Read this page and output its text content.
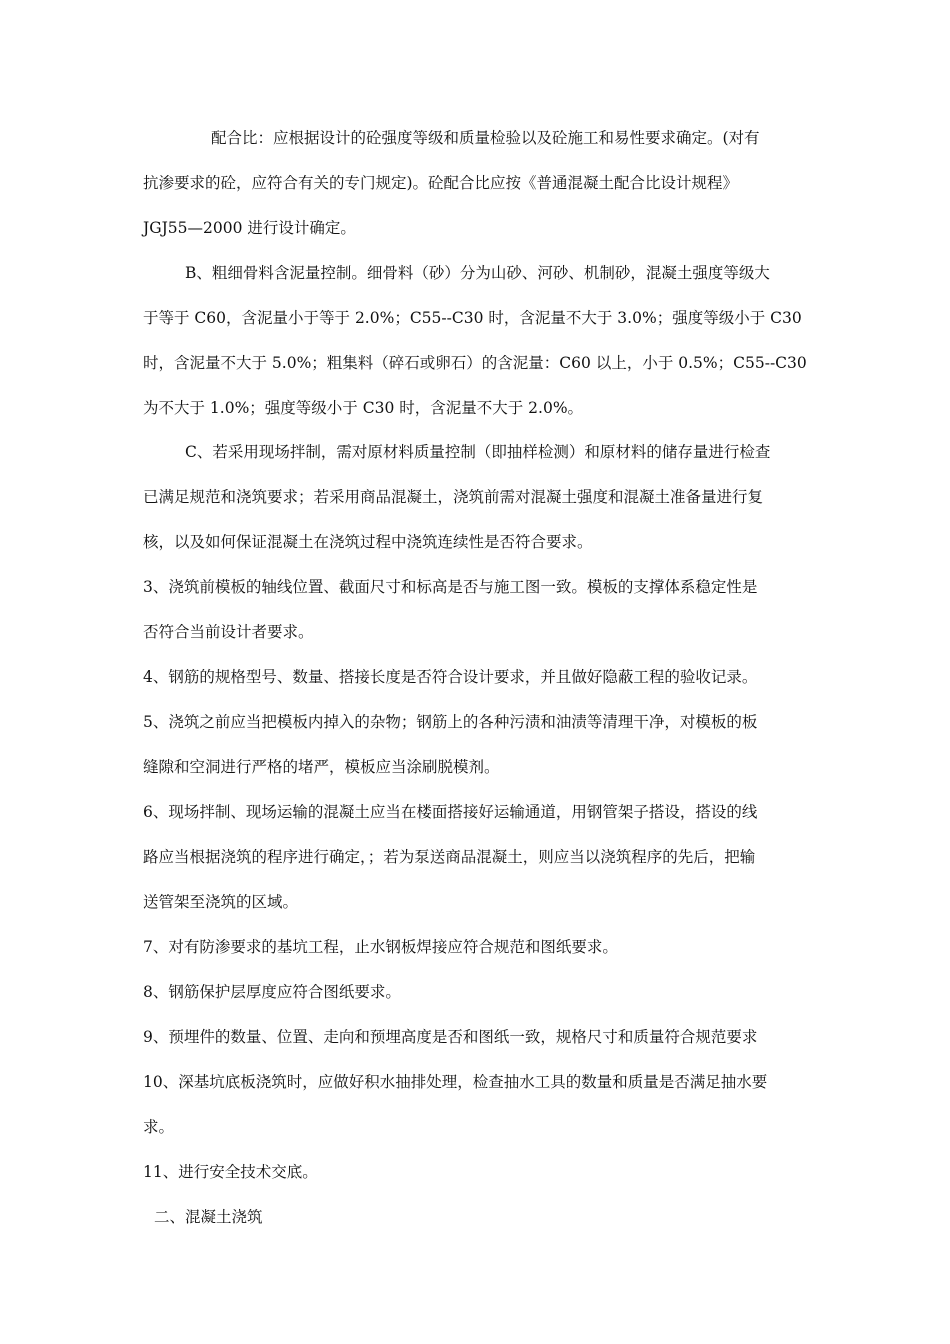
　　配合比：应根据设计的砼强度等级和质量检验以及砼施工和易性要求确定。(对有
抗渗要求的砼，应符合有关的专门规定)。砼配合比应按《普通混凝土配合比设计规程》
JGJ55—2000 进行设计确定。
　　B、粗细骨料含泥量控制。细骨料（砂）分为山砂、河砂、机制砂，混凝土强度等级大
于等于 C60，含泥量小于等于 2.0%；C55--C30 时，含泥量不大于 3.0%；强度等级小于 C30
时，含泥量不大于 5.0%；粗集料（碎石或卵石）的含泥量：C60 以上，小于 0.5%；C55--C30
为不大于 1.0%；强度等级小于 C30 时，含泥量不大于 2.0%。
　　C、若采用现场拌制，需对原材料质量控制（即抽样检测）和原材料的储存量进行检查
已满足规范和浇筑要求；若采用商品混凝土，浇筑前需对混凝土强度和混凝土准备量进行复
核，以及如何保证混凝土在浇筑过程中浇筑连续性是否符合要求。
3、浇筑前模板的轴线位置、截面尺寸和标高是否与施工图一致。模板的支撑体系稳定性是
否符合当前设计者要求。
4、钢筋的规格型号、数量、搭接长度是否符合设计要求，并且做好隐蔽工程的验收记录。
5、浇筑之前应当把模板内掉入的杂物；钢筋上的各种污渍和油渍等清理干净，对模板的板
缝隙和空洞进行严格的堵严，模板应当涂刷脱模剂。
6、现场拌制、现场运输的混凝土应当在楼面搭接好运输通道，用钢管架子搭设，搭设的线
路应当根据浇筑的程序进行确定，；若为泵送商品混凝土，则应当以浇筑程序的先后，把输
送管架至浇筑的区域。
7、对有防渗要求的基坑工程，止水钢板焊接应符合规范和图纸要求。
8、钢筋保护层厚度应符合图纸要求。
9、预埋件的数量、位置、走向和预埋高度是否和图纸一致，规格尺寸和质量符合规范要求
10、深基坑底板浇筑时，应做好积水抽排处理，检查抽水工具的数量和质量是否满足抽水要
求。
11、进行安全技术交底。
二、混凝土浇筑
